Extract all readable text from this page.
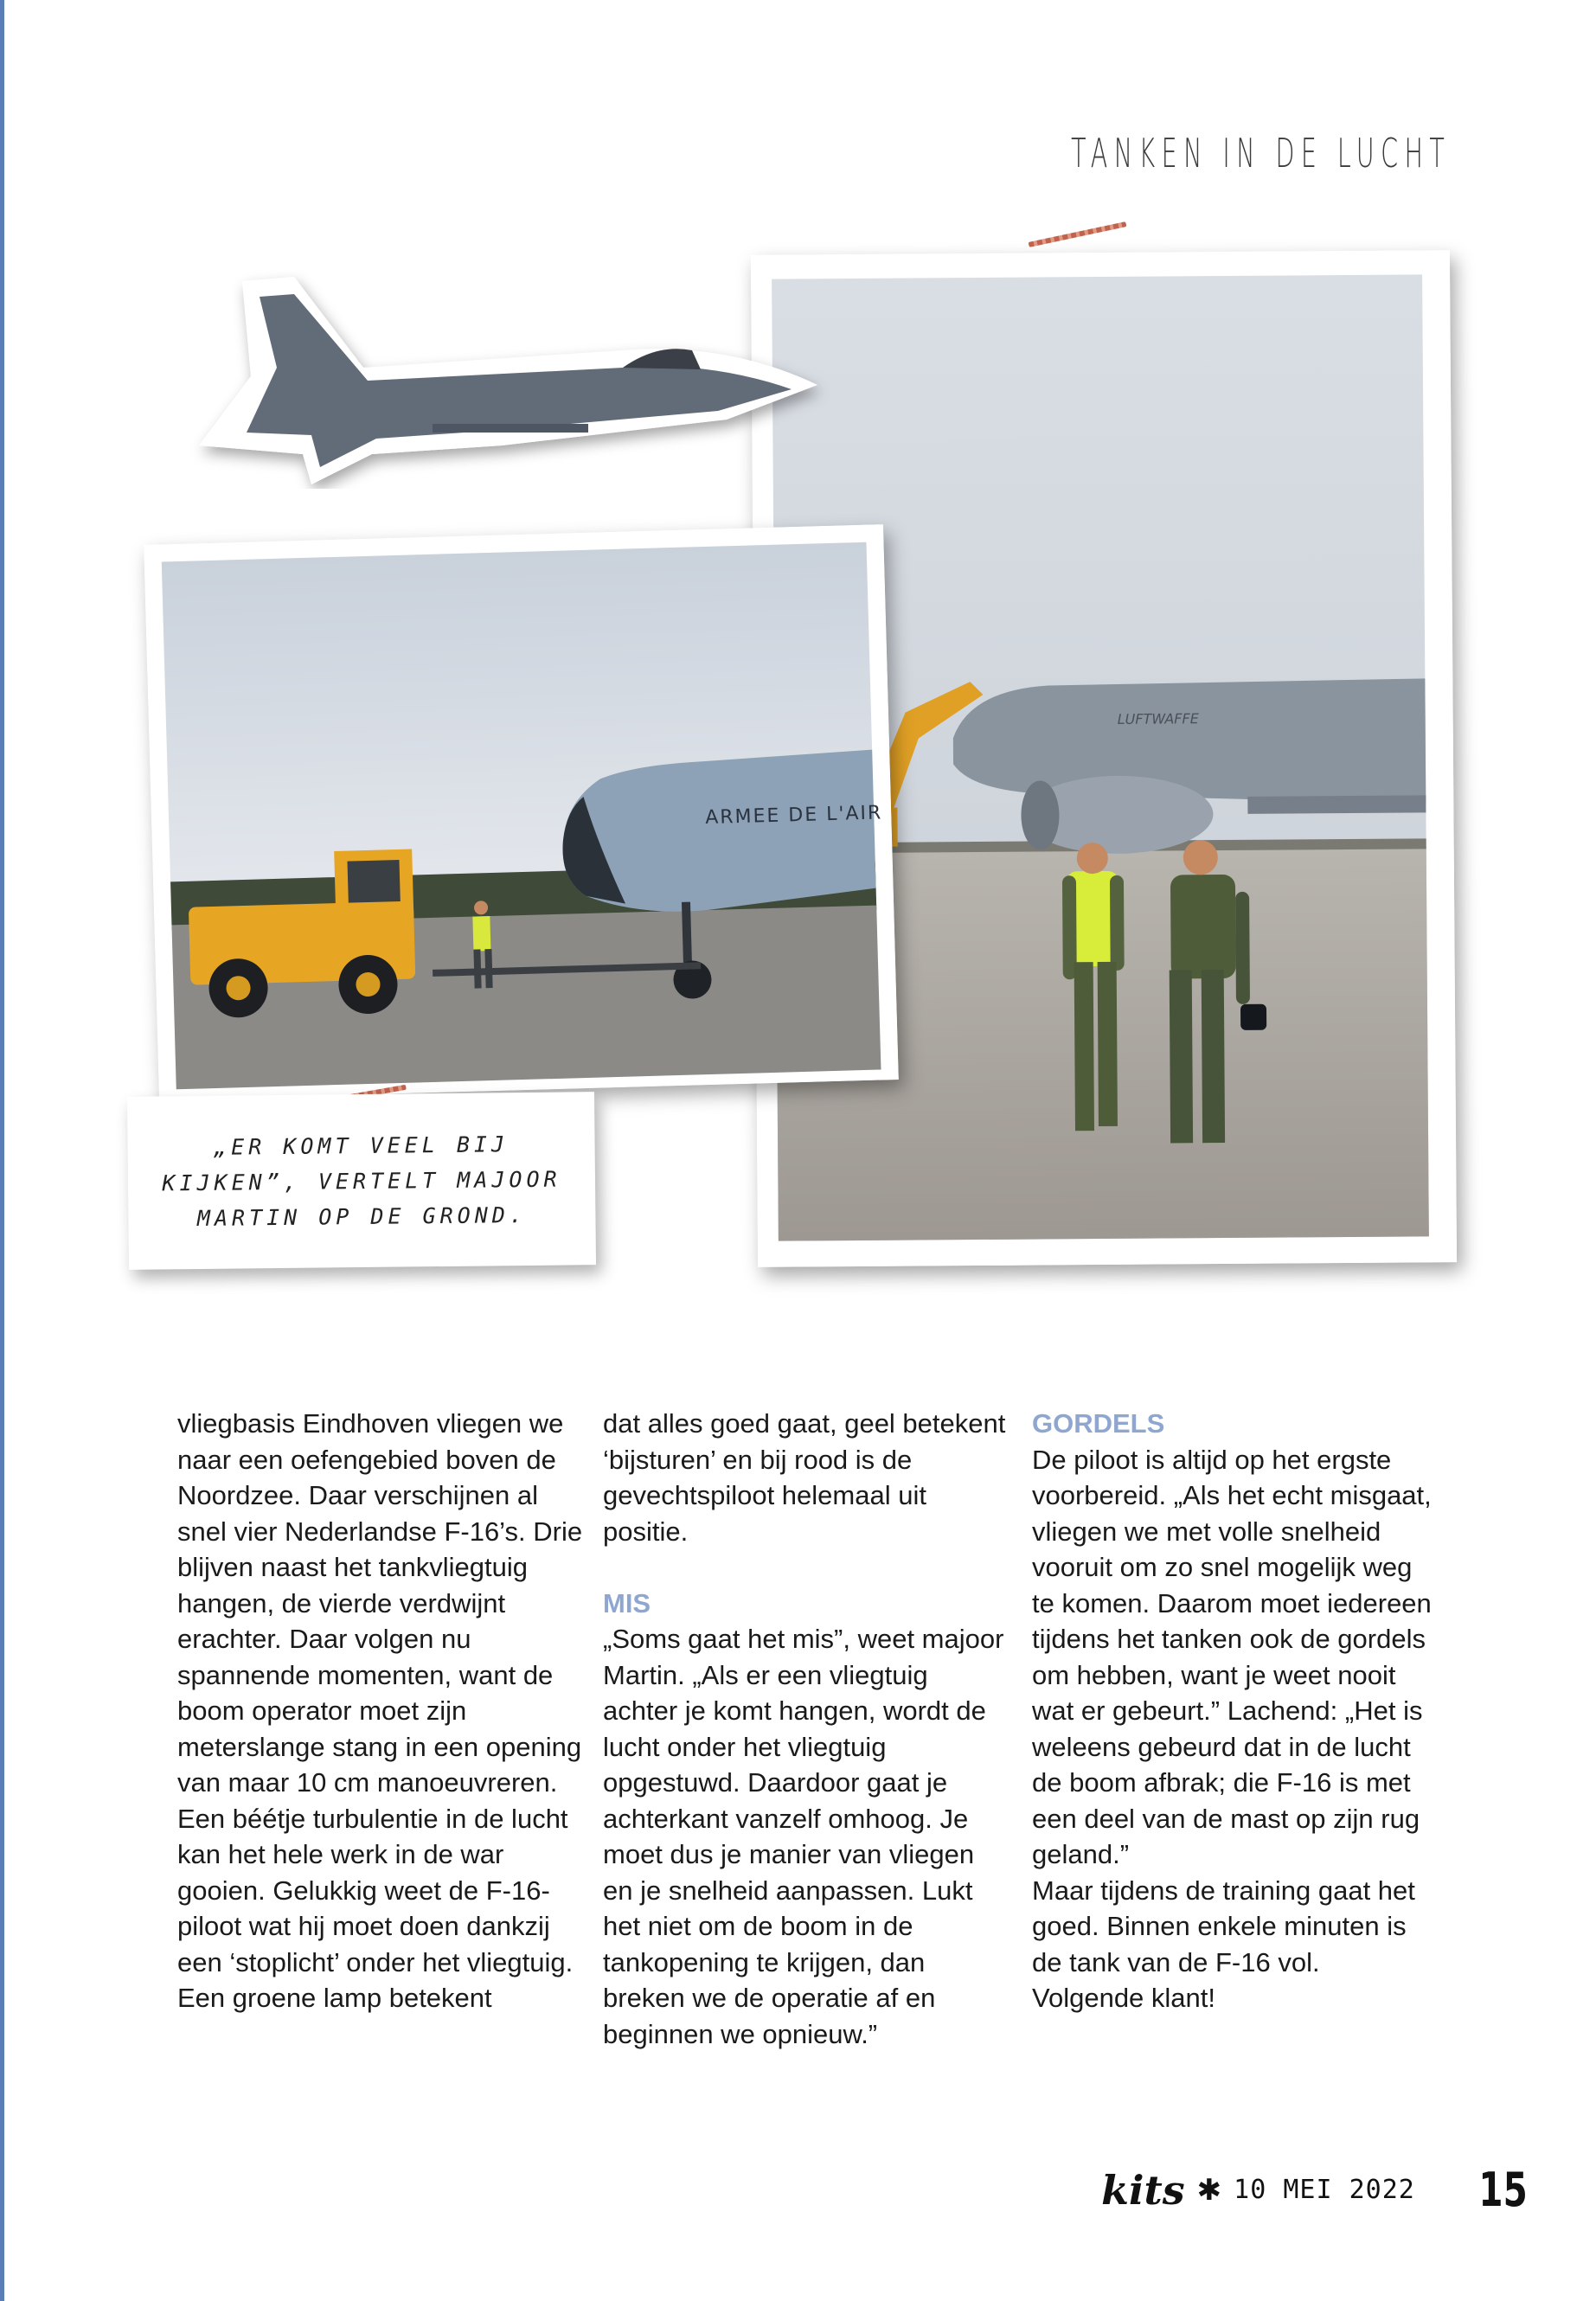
TANKEN IN DE LUCHT
LUFTWAFFE
ARMEE DE L'AIR

„ER KOMT VEEL BIJ KIJKEN”, VERTELT MAJOOR MARTIN OP DE GROND.

vliegbasis Eindhoven vliegen we naar een oefengebied boven de Noordzee. Daar verschijnen al snel vier Nederlandse F-16’s. Drie blijven naast het tankvliegtuig hangen, de vierde verdwijnt erachter. Daar volgen nu spannende momenten, want de boom operator moet zijn meterslange stang in een opening van maar 10 cm manoeuvreren. Een béétje turbulentie in de lucht kan het hele werk in de war gooien. Gelukkig weet de F-16-piloot wat hij moet doen dankzij een ‘stoplicht’ onder het vliegtuig. Een groene lamp betekent

dat alles goed gaat, geel betekent ‘bijsturen’ en bij rood is de gevechtspiloot helemaal uit positie.

MIS

„Soms gaat het mis”, weet majoor Martin. „Als er een vliegtuig achter je komt hangen, wordt de lucht onder het vliegtuig opgestuwd. Daardoor gaat je achterkant vanzelf omhoog. Je moet dus je manier van vliegen en je snelheid aanpassen. Lukt het niet om de boom in de tankopening te krijgen, dan breken we de operatie af en beginnen we opnieuw.”

GORDELS

De piloot is altijd op het ergste voorbereid. „Als het echt misgaat, vliegen we met volle snelheid vooruit om zo snel mogelijk weg te komen. Daarom moet iedereen tijdens het tanken ook de gordels om hebben, want je weet nooit wat er gebeurt.” Lachend: „Het is weleens gebeurd dat in de lucht de boom afbrak; die F-16 is met een deel van de mast op zijn rug geland.”

Maar tijdens de training gaat het goed. Binnen enkele minuten is de tank van de F-16 vol. Volgende klant!

kits ✱ 10 MEI 2022 15
